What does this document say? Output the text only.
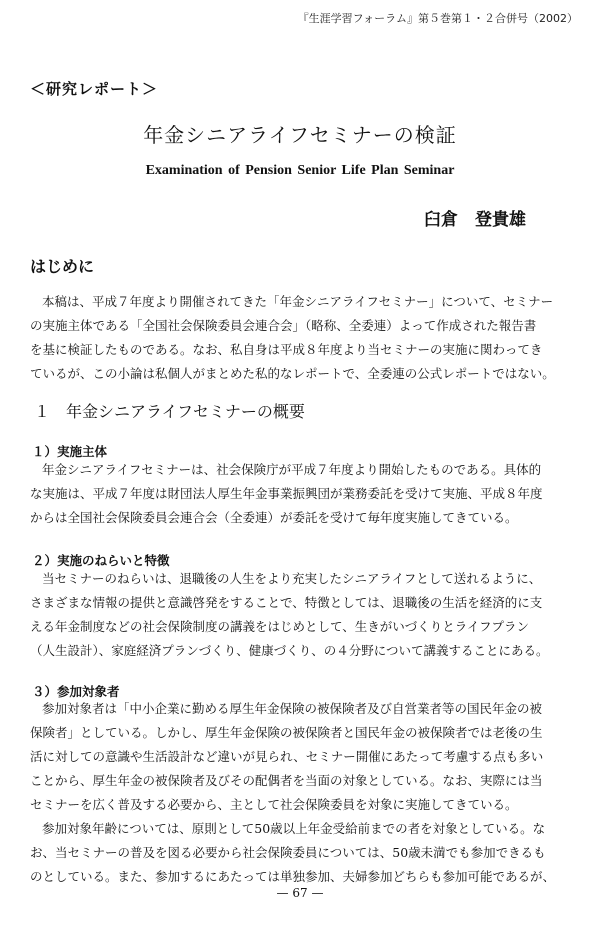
『生涯学習フォーラム』第５巻第１・２合併号（2002）
＜研究レポート＞
年金シニアライフセミナーの検証
Examination of Pension Senior Life Plan Seminar
臼倉　登貴雄
はじめに
本稿は、平成７年度より開催されてきた「年金シニアライフセミナー」について、セミナー
の実施主体である「全国社会保険委員会連合会」（略称、全委連）よって作成された報告書
を基に検証したものである。なお、私自身は平成８年度より当セミナーの実施に関わってき
ているが、この小論は私個人がまとめた私的なレポートで、全委連の公式レポートではない。
１　年金シニアライフセミナーの概要
１）実施主体
年金シニアライフセミナーは、社会保険庁が平成７年度より開始したものである。具体的
な実施は、平成７年度は財団法人厚生年金事業振興団が業務委託を受けて実施、平成８年度
からは全国社会保険委員会連合会（全委連）が委託を受けて毎年度実施してきている。
２）実施のねらいと特徴
当セミナーのねらいは、退職後の人生をより充実したシニアライフとして送れるように、
さまざまな情報の提供と意識啓発をすることで、特徴としては、退職後の生活を経済的に支
える年金制度などの社会保険制度の講義をはじめとして、生きがいづくりとライフプラン
（人生設計）、家庭経済プランづくり、健康づくり、の４分野について講義することにある。
３）参加対象者
参加対象者は「中小企業に勤める厚生年金保険の被保険者及び自営業者等の国民年金の被
保険者」としている。しかし、厚生年金保険の被保険者と国民年金の被保険者では老後の生
活に対しての意識や生活設計など違いが見られ、セミナー開催にあたって考慮する点も多い
ことから、厚生年金の被保険者及びその配偶者を当面の対象としている。なお、実際には当
セミナーを広く普及する必要から、主として社会保険委員を対象に実施してきている。
参加対象年齢については、原則として50歳以上年金受給前までの者を対象としている。な
お、当セミナーの普及を図る必要から社会保険委員については、50歳未満でも参加できるも
のとしている。また、参加するにあたっては単独参加、夫婦参加どちらも参加可能であるが、
— 67 —
